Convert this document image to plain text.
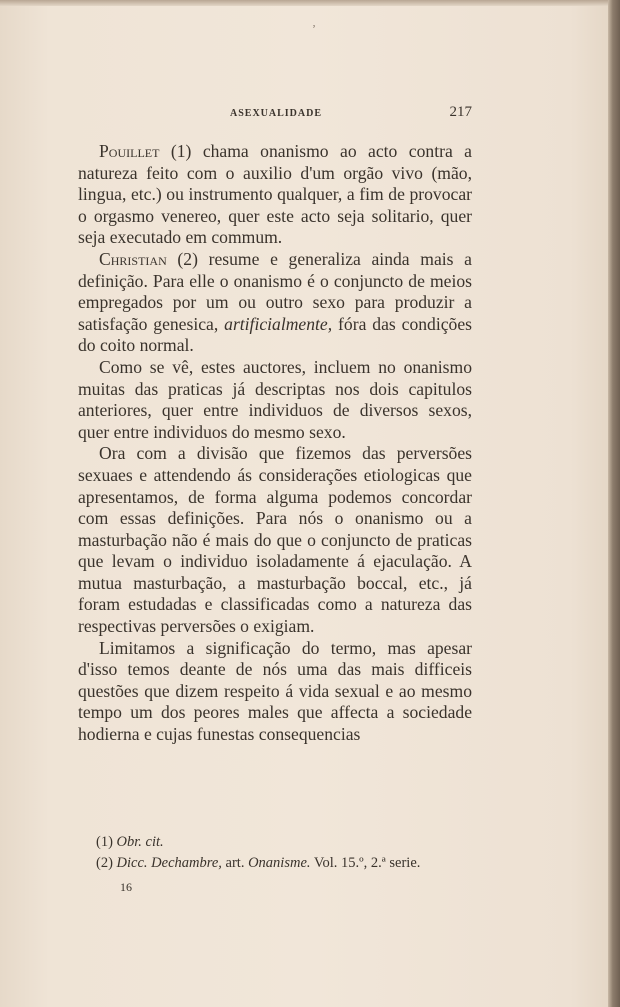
ʼ
ASEXUALIDADE	217

Pouillet (1) chama onanismo ao acto contra a natureza feito com o auxilio d'um orgão vivo (mão, lingua, etc.) ou instrumento qualquer, a fim de provocar o orgasmo venereo, quer este acto seja solitario, quer seja executado em commum.

Christian (2) resume e generaliza ainda mais a definição. Para elle o onanismo é o conjuncto de meios empregados por um ou outro sexo para produzir a satisfação genesica, artificialmente, fóra das condições do coito normal.

Como se vê, estes auctores, incluem no onanismo muitas das praticas já descriptas nos dois capitulos anteriores, quer entre individuos de diversos sexos, quer entre individuos do mesmo sexo.

Ora com a divisão que fizemos das perversões sexuaes e attendendo ás considerações etiologicas que apresentamos, de forma alguma podemos concordar com essas definições. Para nós o onanismo ou a masturbação não é mais do que o conjuncto de praticas que levam o individuo isoladamente á ejaculação. A mutua masturbação, a masturbação boccal, etc., já foram estudadas e classificadas como a natureza das respectivas perversões o exigiam.

Limitamos a significação do termo, mas apesar d'isso temos deante de nós uma das mais difficeis questões que dizem respeito á vida sexual e ao mesmo tempo um dos peores males que affecta a sociedade hodierna e cujas funestas consequencias

(1) Obr. cit.

(2) Dicc. Dechambre, art. Onanisme. Vol. 15.º, 2.ª serie.

16
